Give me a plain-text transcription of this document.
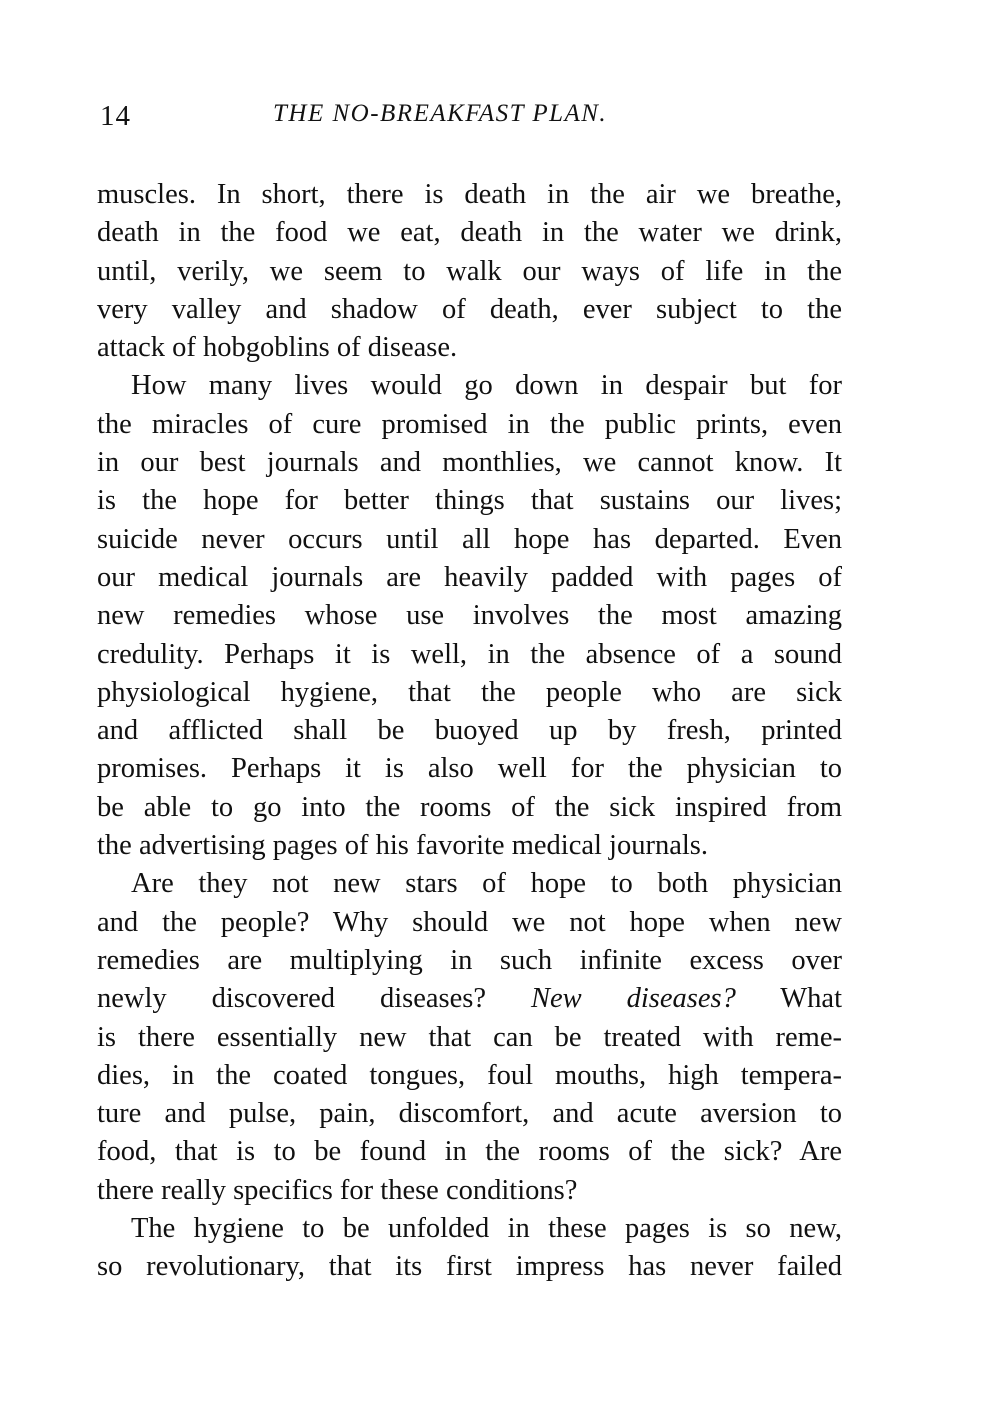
14	THE NO-BREAKFAST PLAN.
muscles. In short, there is death in the air we breathe,
death in the food we eat, death in the water we drink,
until, verily, we seem to walk our ways of life in the
very valley and shadow of death, ever subject to the
attack of hobgoblins of disease.
How many lives would go down in despair but for
the miracles of cure promised in the public prints, even
in our best journals and monthlies, we cannot know. It
is the hope for better things that sustains our lives;
suicide never occurs until all hope has departed. Even
our medical journals are heavily padded with pages of
new remedies whose use involves the most amazing
credulity. Perhaps it is well, in the absence of a sound
physiological hygiene, that the people who are sick
and afflicted shall be buoyed up by fresh, printed
promises. Perhaps it is also well for the physician to
be able to go into the rooms of the sick inspired from
the advertising pages of his favorite medical journals.
Are they not new stars of hope to both physician
and the people? Why should we not hope when new
remedies are multiplying in such infinite excess over
newly discovered diseases? New diseases? What
is there essentially new that can be treated with reme-
dies, in the coated tongues, foul mouths, high tempera-
ture and pulse, pain, discomfort, and acute aversion to
food, that is to be found in the rooms of the sick? Are
there really specifics for these conditions?
The hygiene to be unfolded in these pages is so new,
so revolutionary, that its first impress has never failed
